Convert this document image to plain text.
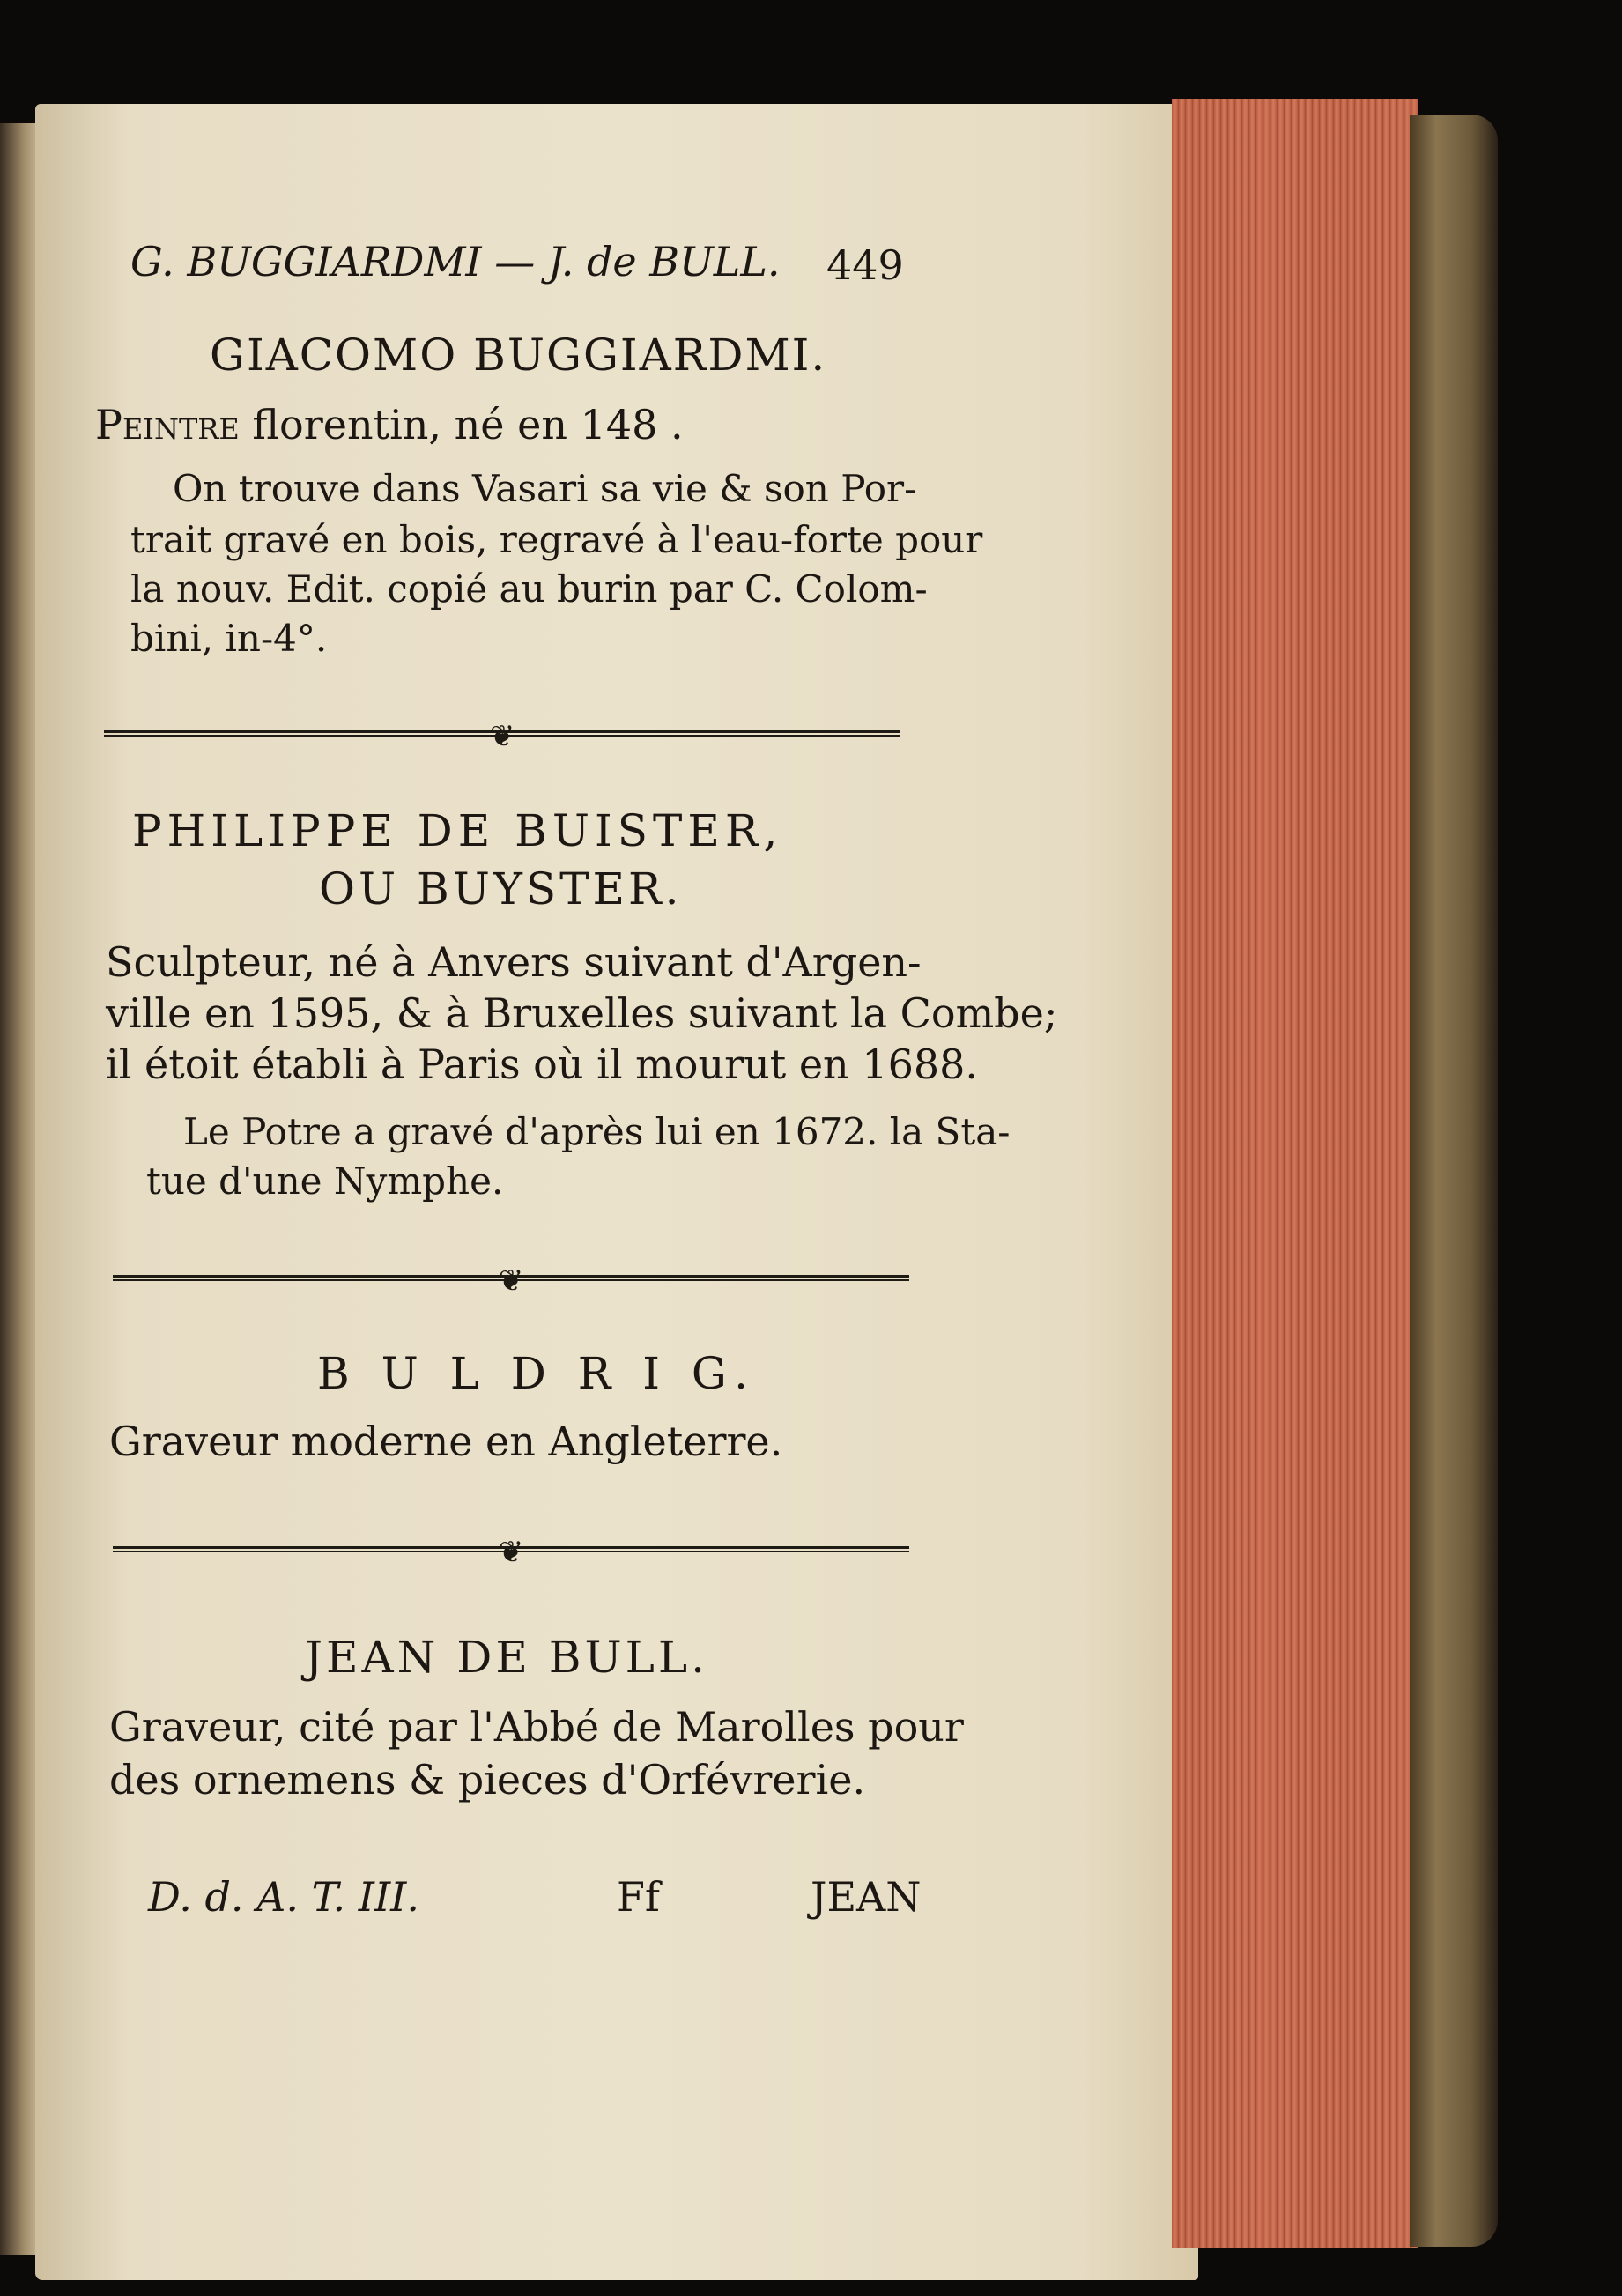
G. BUGGIARDMI — J. de BULL. 449
GIACOMO BUGGIARDMI.
Peintre florentin, né en 148 .
On trouve dans Vasari sa vie & son Por-
trait gravé en bois, regravé à l'eau-forte pour
la nouv. Edit. copié au burin par C. Colom-
bini, in-4°.
❦
PHILIPPE DE BUISTER,
OU BUYSTER.
Sculpteur, né à Anvers suivant d'Argen-
ville en 1595, & à Bruxelles suivant la Combe;
il étoit établi à Paris où il mourut en 1688.
Le Potre a gravé d'après lui en 1672. la Sta-
tue d'une Nymphe.
❦
B U L D R I G.
Graveur moderne en Angleterre.
❦
JEAN DE BULL.
Graveur, cité par l'Abbé de Marolles pour
des ornemens & pieces d'Orfévrerie.
D. d. A. T. III.	Ff	JEAN
